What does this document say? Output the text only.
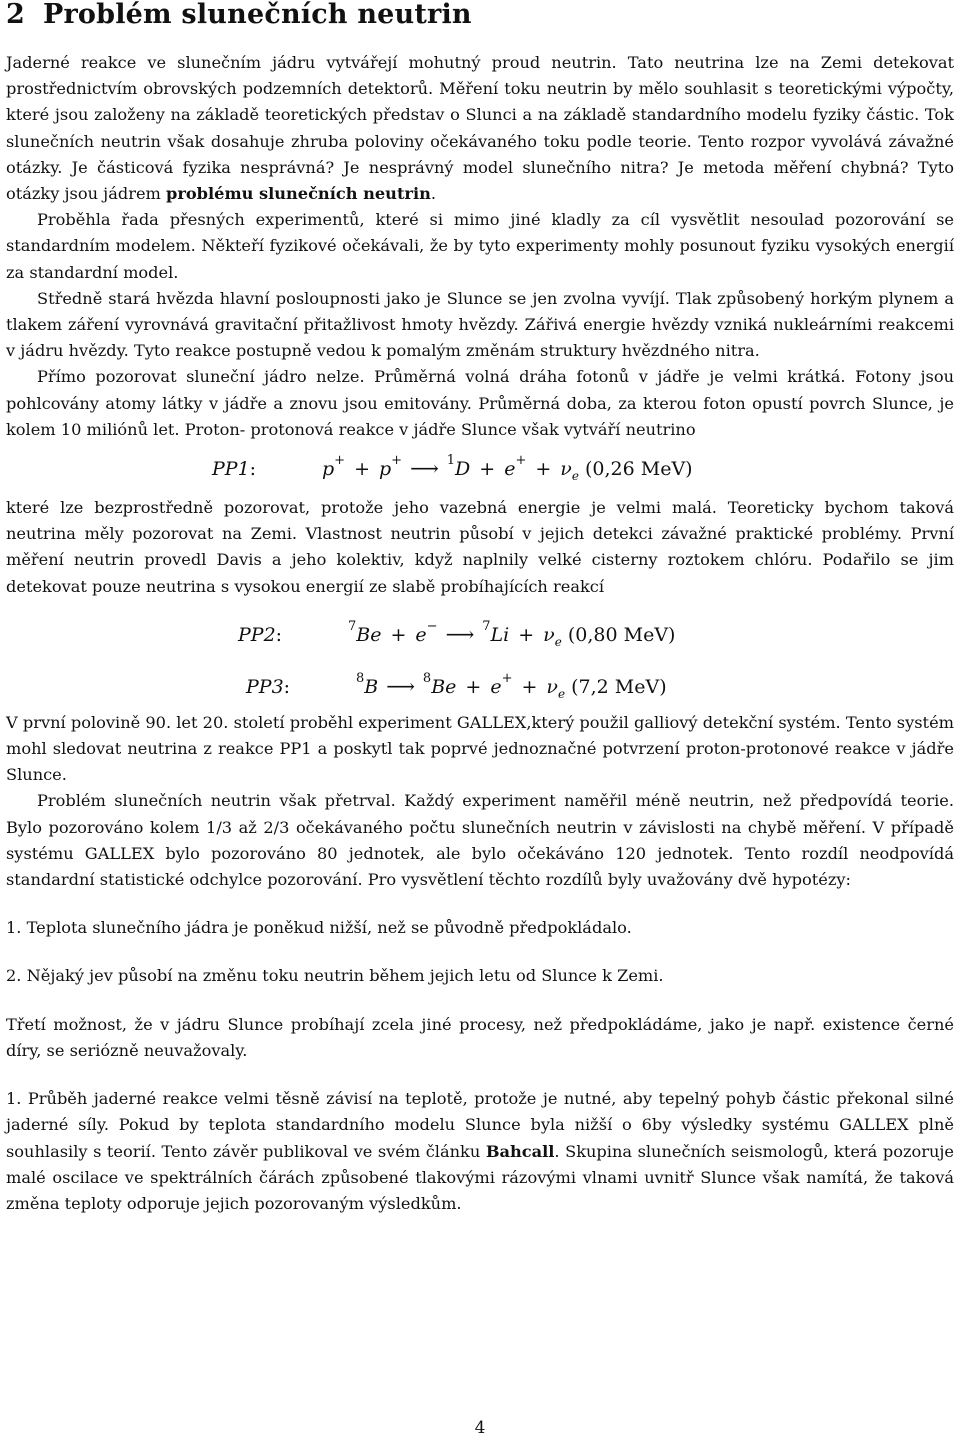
2 Problém slunečních neutrin

Jaderné reakce ve slunečním jádru vytvářejí mohutný proud neutrin. Tato neutrina lze na Zemi detekovat prostřednictvím obrovských podzemních detektorů. Měření toku neutrin by mělo souhlasit s teoretickými výpočty, které jsou založeny na základě teoretických představ o Slunci a na základě standardního modelu fyziky částic. Tok slunečních neutrin však dosahuje zhruba poloviny očekávaného toku podle teorie. Tento rozpor vyvolává závažné otázky. Je částicová fyzika nesprávná? Je nesprávný model slunečního nitra? Je metoda měření chybná? Tyto otázky jsou jádrem problému slunečních neutrin.

Proběhla řada přesných experimentů, které si mimo jiné kladly za cíl vysvětlit nesoulad pozorování se standardním modelem. Někteří fyzikové očekávali, že by tyto experimenty mohly posunout fyziku vysokých energií za standardní model.

Středně stará hvězda hlavní posloupnosti jako je Slunce se jen zvolna vyvíjí. Tlak způsobený horkým plynem a tlakem záření vyrovnává gravitační přitažlivost hmoty hvězdy. Zářivá energie hvězdy vzniká nukleárními reakcemi v jádru hvězdy. Tyto reakce postupně vedou k pomalým změnám struktury hvězdného nitra.

Přímo pozorovat sluneční jádro nelze. Průměrná volná dráha fotonů v jádře je velmi krátká. Fotony jsou pohlcovány atomy látky v jádře a znovu jsou emitovány. Průměrná doba, za kterou foton opustí povrch Slunce, je kolem 10 miliónů let. Proton- protonová reakce v jádře Slunce však vytváří neutrino

PP1:	p+ + p+ ⟶ $^1D + e^+ + \nu_e$ (0,26 MeV)

které lze bezprostředně pozorovat, protože jeho vazebná energie je velmi malá. Teoreticky bychom taková neutrina měly pozorovat na Zemi. Vlastnost neutrin působí v jejich detekci závažné praktické problémy. První měření neutrin provedl Davis a jeho kolektiv, když naplnily velké cisterny roztokem chlóru. Podařilo se jim detekovat pouze neutrina s vysokou energií ze slabě probíhajících reakcí

PP2:	$^7$Be + e− ⟶ $^7Li + \nu_e$ (0,80 MeV)
PP3:	$^8$B ⟶ $^8Be + e^+ + \nu_e$ (7,2 MeV)

V první polovině 90. let 20. století proběhl experiment GALLEX,který použil galliový detekční systém. Tento systém mohl sledovat neutrina z reakce PP1 a poskytl tak poprvé jednoznačné potvrzení proton-protonové reakce v jádře Slunce.

Problém slunečních neutrin však přetrval. Každý experiment naměřil méně neutrin, než předpovídá teorie. Bylo pozorováno kolem 1/3 až 2/3 očekávaného počtu slunečních neutrin v závislosti na chybě měření. V případě systému GALLEX bylo pozorováno 80 jednotek, ale bylo očekáváno 120 jednotek. Tento rozdíl neodpovídá standardní statistické odchylce pozorování. Pro vysvětlení těchto rozdílů byly uvažovány dvě hypotézy:

1. Teplota slunečního jádra je poněkud nižší, než se původně předpokládalo.

2. Nějaký jev působí na změnu toku neutrin během jejich letu od Slunce k Zemi.

Třetí možnost, že v jádru Slunce probíhají zcela jiné procesy, než předpokládáme, jako je např. existence černé díry, se seriózně neuvažovaly.

1. Průběh jaderné reakce velmi těsně závisí na teplotě, protože je nutné, aby tepelný pohyb částic překonal silné jaderné síly. Pokud by teplota standardního modelu Slunce byla nižší o 6by výsledky systému GALLEX plně souhlasily s teorií. Tento závěr publikoval ve svém článku Bahcall. Skupina slunečních seismologů, která pozoruje malé oscilace ve spektrálních čárách způsobené tlakovými rázovými vlnami uvnitř Slunce však namítá, že taková změna teploty odporuje jejich pozorovaným výsledkům.

4
